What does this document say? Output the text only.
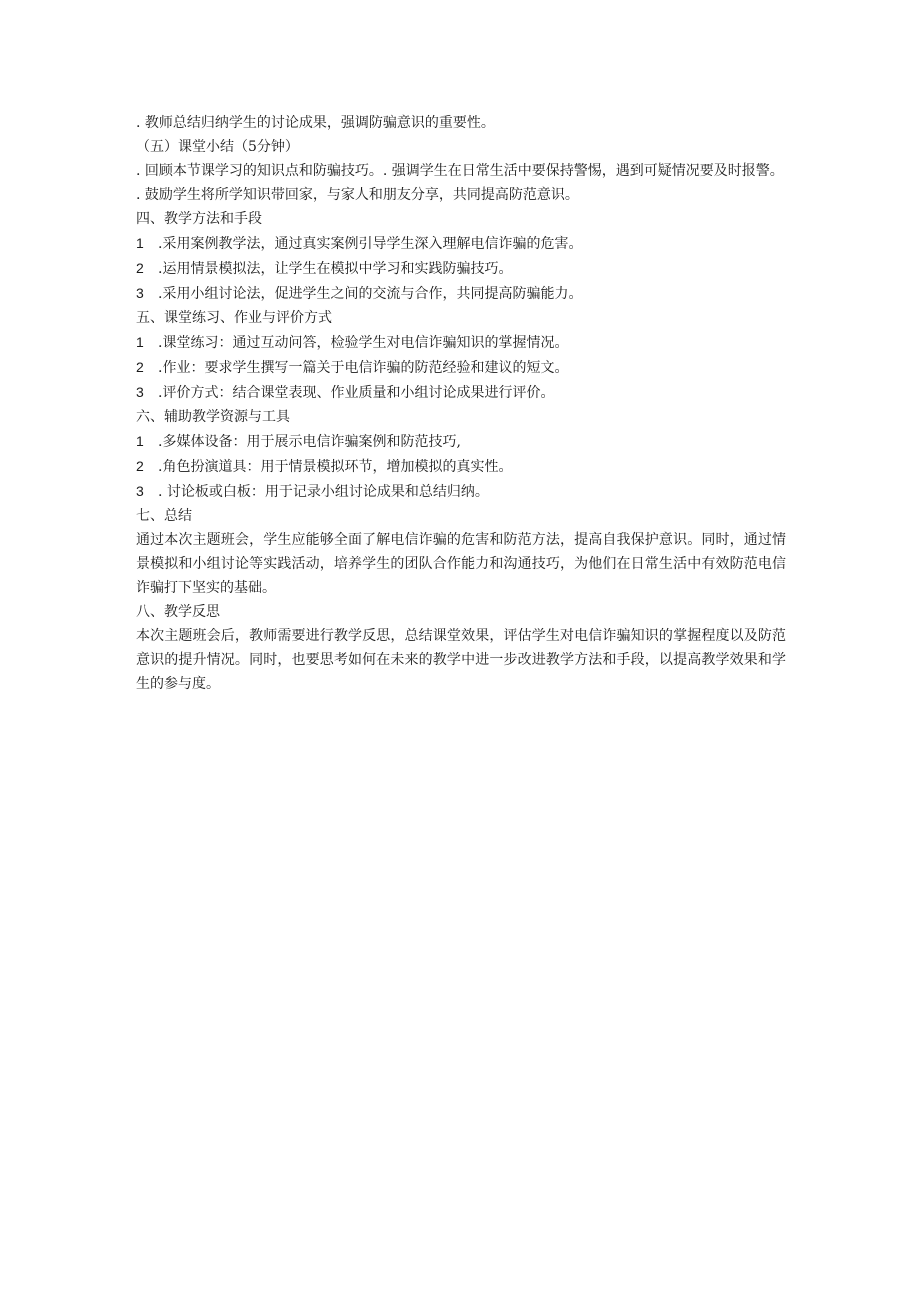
. 教师总结归纳学生的讨论成果，强调防骗意识的重要性。

（五）课堂小结（5分钟）

. 回顾本节课学习的知识点和防骗技巧。. 强调学生在日常生活中要保持警惕，遇到可疑情况要及时报警。

. 鼓励学生将所学知识带回家，与家人和朋友分享，共同提高防范意识。

四、教学方法和手段

1 .采用案例教学法，通过真实案例引导学生深入理解电信诈骗的危害。

2 .运用情景模拟法，让学生在模拟中学习和实践防骗技巧。

3 .采用小组讨论法，促进学生之间的交流与合作，共同提高防骗能力。

五、课堂练习、作业与评价方式

1 .课堂练习：通过互动问答，检验学生对电信诈骗知识的掌握情况。

2 .作业：要求学生撰写一篇关于电信诈骗的防范经验和建议的短文。

3 .评价方式：结合课堂表现、作业质量和小组讨论成果进行评价。

六、辅助教学资源与工具

1 .多媒体设备：用于展示电信诈骗案例和防范技巧,

2 .角色扮演道具：用于情景模拟环节，增加模拟的真实性。

3 . 讨论板或白板：用于记录小组讨论成果和总结归纳。

七、总结

通过本次主题班会，学生应能够全面了解电信诈骗的危害和防范方法，提高自我保护意识。同时，通过情景模拟和小组讨论等实践活动，培养学生的团队合作能力和沟通技巧，为他们在日常生活中有效防范电信诈骗打下坚实的基础。

八、教学反思

本次主题班会后，教师需要进行教学反思，总结课堂效果，评估学生对电信诈骗知识的掌握程度以及防范意识的提升情况。同时，也要思考如何在未来的教学中进一步改进教学方法和手段，以提高教学效果和学生的参与度。
